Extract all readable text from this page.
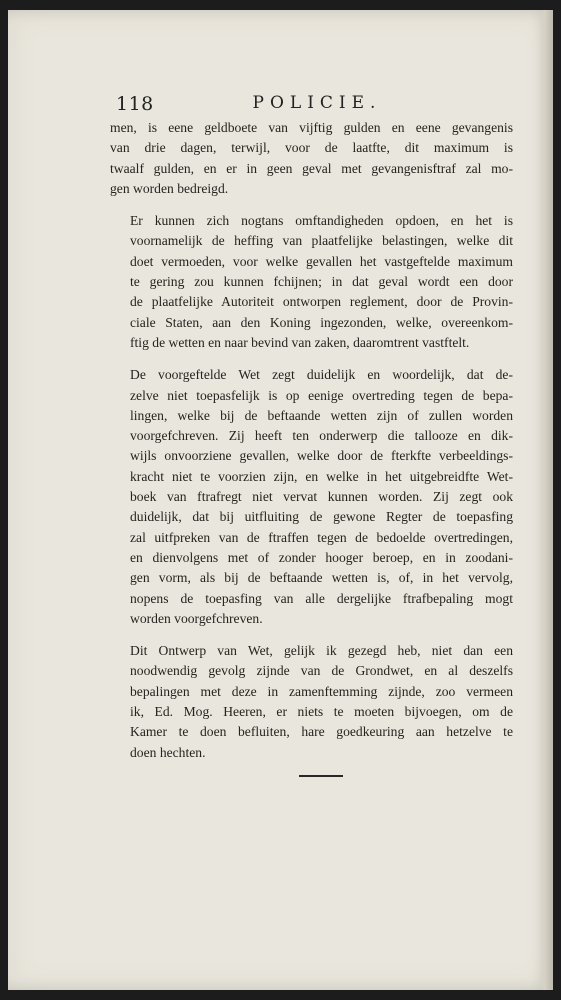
118	POLICIE.

men, is eene geldboete van vijftig gulden en eene gevangenis
van drie dagen, terwijl, voor de laatfte, dit maximum is
twaalf gulden, en er in geen geval met gevangenisftraf zal mo-
gen worden bedreigd.

Er kunnen zich nogtans omftandigheden opdoen, en het is
voornamelijk de heffing van plaatfelijke belastingen, welke dit
doet vermoeden, voor welke gevallen het vastgeftelde maximum
te gering zou kunnen fchijnen; in dat geval wordt een door
de plaatfelijke Autoriteit ontworpen reglement, door de Provin-
ciale Staten, aan den Koning ingezonden, welke, overeenkom-
ftig de wetten en naar bevind van zaken, daaromtrent vastftelt.

De voorgeftelde Wet zegt duidelijk en woordelijk, dat de-
zelve niet toepasfelijk is op eenige overtreding tegen de bepa-
lingen, welke bij de beftaande wetten zijn of zullen worden
voorgefchreven. Zij heeft ten onderwerp die tallooze en dik-
wijls onvoorziene gevallen, welke door de fterkfte verbeeldings-
kracht niet te voorzien zijn, en welke in het uitgebreidfte Wet-
boek van ftrafregt niet vervat kunnen worden. Zij zegt ook
duidelijk, dat bij uitfluiting de gewone Regter de toepasfing
zal uitfpreken van de ftraffen tegen de bedoelde overtredingen,
en dienvolgens met of zonder hooger beroep, en in zoodani-
gen vorm, als bij de beftaande wetten is, of, in het vervolg,
nopens de toepasfing van alle dergelijke ftrafbepaling mogt
worden voorgefchreven.

Dit Ontwerp van Wet, gelijk ik gezegd heb, niet dan een
noodwendig gevolg zijnde van de Grondwet, en al deszelfs
bepalingen met deze in zamenftemming zijnde, zoo vermeen
ik, Ed. Mog. Heeren, er niets te moeten bijvoegen, om de
Kamer te doen befluiten, hare goedkeuring aan hetzelve te
doen hechten.
